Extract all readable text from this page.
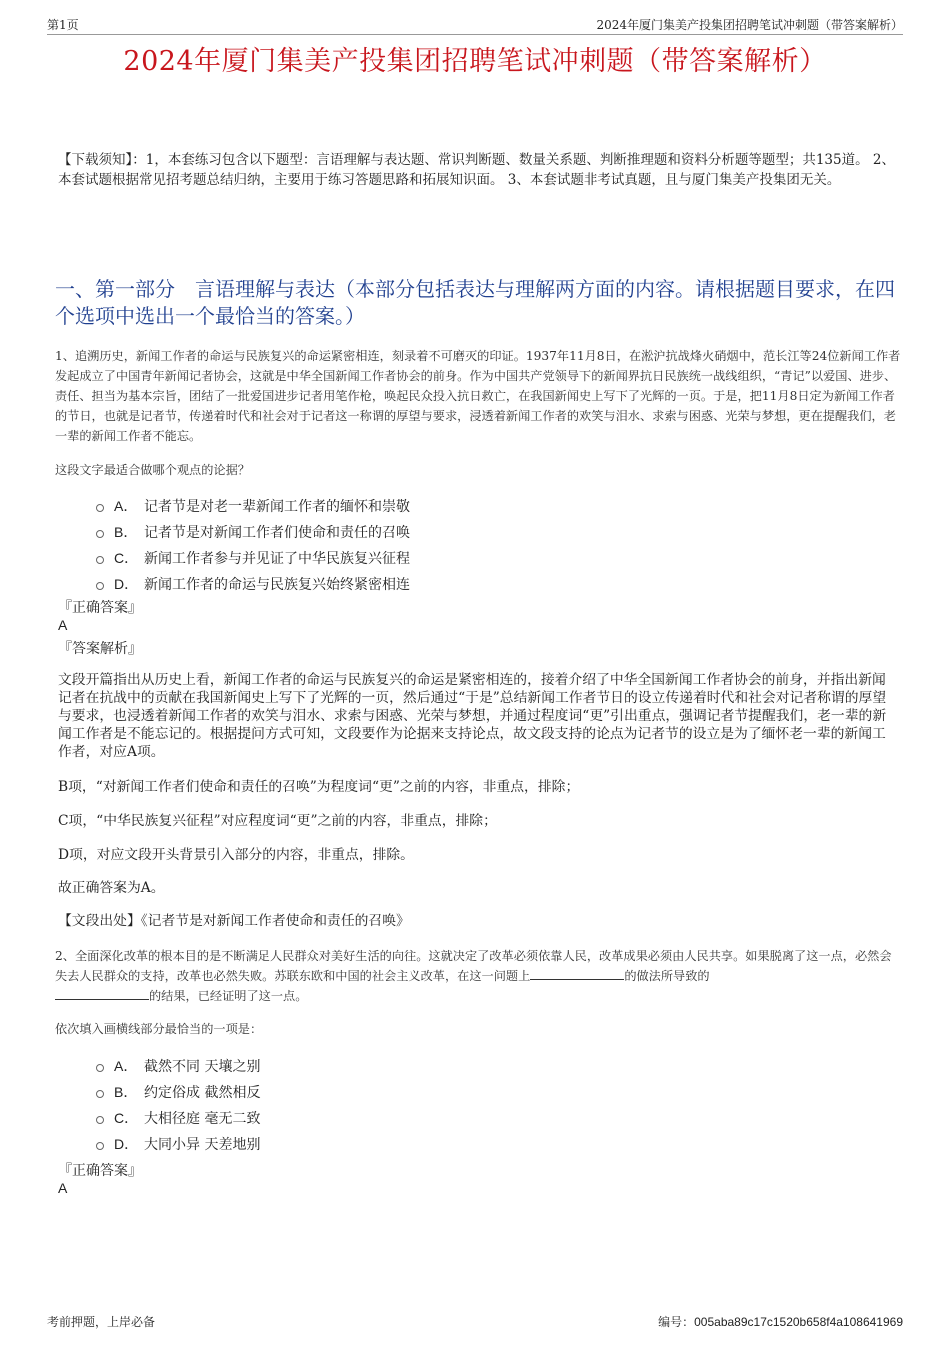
第1页	2024年厦门集美产投集团招聘笔试冲刺题（带答案解析）
2024年厦门集美产投集团招聘笔试冲刺题（带答案解析）
【下载须知】：1，本套练习包含以下题型：言语理解与表达题、常识判断题、数量关系题、判断推理题和资料分析题等题型；共135道。 2、本套试题根据常见招考题总结归纳，主要用于练习答题思路和拓展知识面。 3、本套试题非考试真题，且与厦门集美产投集团无关。
一、第一部分　言语理解与表达（本部分包括表达与理解两方面的内容。请根据题目要求，在四个选项中选出一个最恰当的答案。）
1、追溯历史，新闻工作者的命运与民族复兴的命运紧密相连，刻录着不可磨灭的印证。1937年11月8日，在淞沪抗战烽火硝烟中，范长江等24位新闻工作者发起成立了中国青年新闻记者协会，这就是中华全国新闻工作者协会的前身。作为中国共产党领导下的新闻界抗日民族统一战线组织，“青记”以爱国、进步、责任、担当为基本宗旨，团结了一批爱国进步记者用笔作枪，唤起民众投入抗日救亡，在我国新闻史上写下了光辉的一页。于是，把11月8日定为新闻工作者的节日，也就是记者节，传递着时代和社会对于记者这一称谓的厚望与要求，浸透着新闻工作者的欢笑与泪水、求索与困惑、光荣与梦想，更在提醒我们，老一辈的新闻工作者不能忘。
这段文字最适合做哪个观点的论据？
A． 记者节是对老一辈新闻工作者的缅怀和崇敬
B． 记者节是对新闻工作者们使命和责任的召唤
C． 新闻工作者参与并见证了中华民族复兴征程
D． 新闻工作者的命运与民族复兴始终紧密相连
『正确答案』
A
『答案解析』
文段开篇指出从历史上看，新闻工作者的命运与民族复兴的命运是紧密相连的，接着介绍了中华全国新闻工作者协会的前身，并指出新闻记者在抗战中的贡献在我国新闻史上写下了光辉的一页，然后通过“于是”总结新闻工作者节日的设立传递着时代和社会对记者称谓的厚望与要求，也浸透着新闻工作者的欢笑与泪水、求索与困惑、光荣与梦想，并通过程度词“更”引出重点，强调记者节提醒我们，老一辈的新闻工作者是不能忘记的。根据提问方式可知，文段要作为论据来支持论点，故文段支持的论点为记者节的设立是为了缅怀老一辈的新闻工作者，对应A项。
B项，“对新闻工作者们使命和责任的召唤”为程度词“更”之前的内容，非重点，排除；
C项，“中华民族复兴征程”对应程度词“更”之前的内容，非重点，排除；
D项，对应文段开头背景引入部分的内容，非重点，排除。
故正确答案为A。
【文段出处】《记者节是对新闻工作者使命和责任的召唤》
2、全面深化改革的根本目的是不断满足人民群众对美好生活的向往。这就决定了改革必须依靠人民，改革成果必须由人民共享。如果脱离了这一点，必然会失去人民群众的支持，改革也必然失败。苏联东欧和中国的社会主义改革，在这一问题上	的做法所导致的
的结果，已经证明了这一点。
依次填入画横线部分最恰当的一项是：
A． 截然不同 天壤之别
B． 约定俗成 截然相反
C． 大相径庭 毫无二致
D． 大同小异 天差地别
『正确答案』
A
考前押题，上岸必备	编号：005aba89c17c1520b658f4a108641969
